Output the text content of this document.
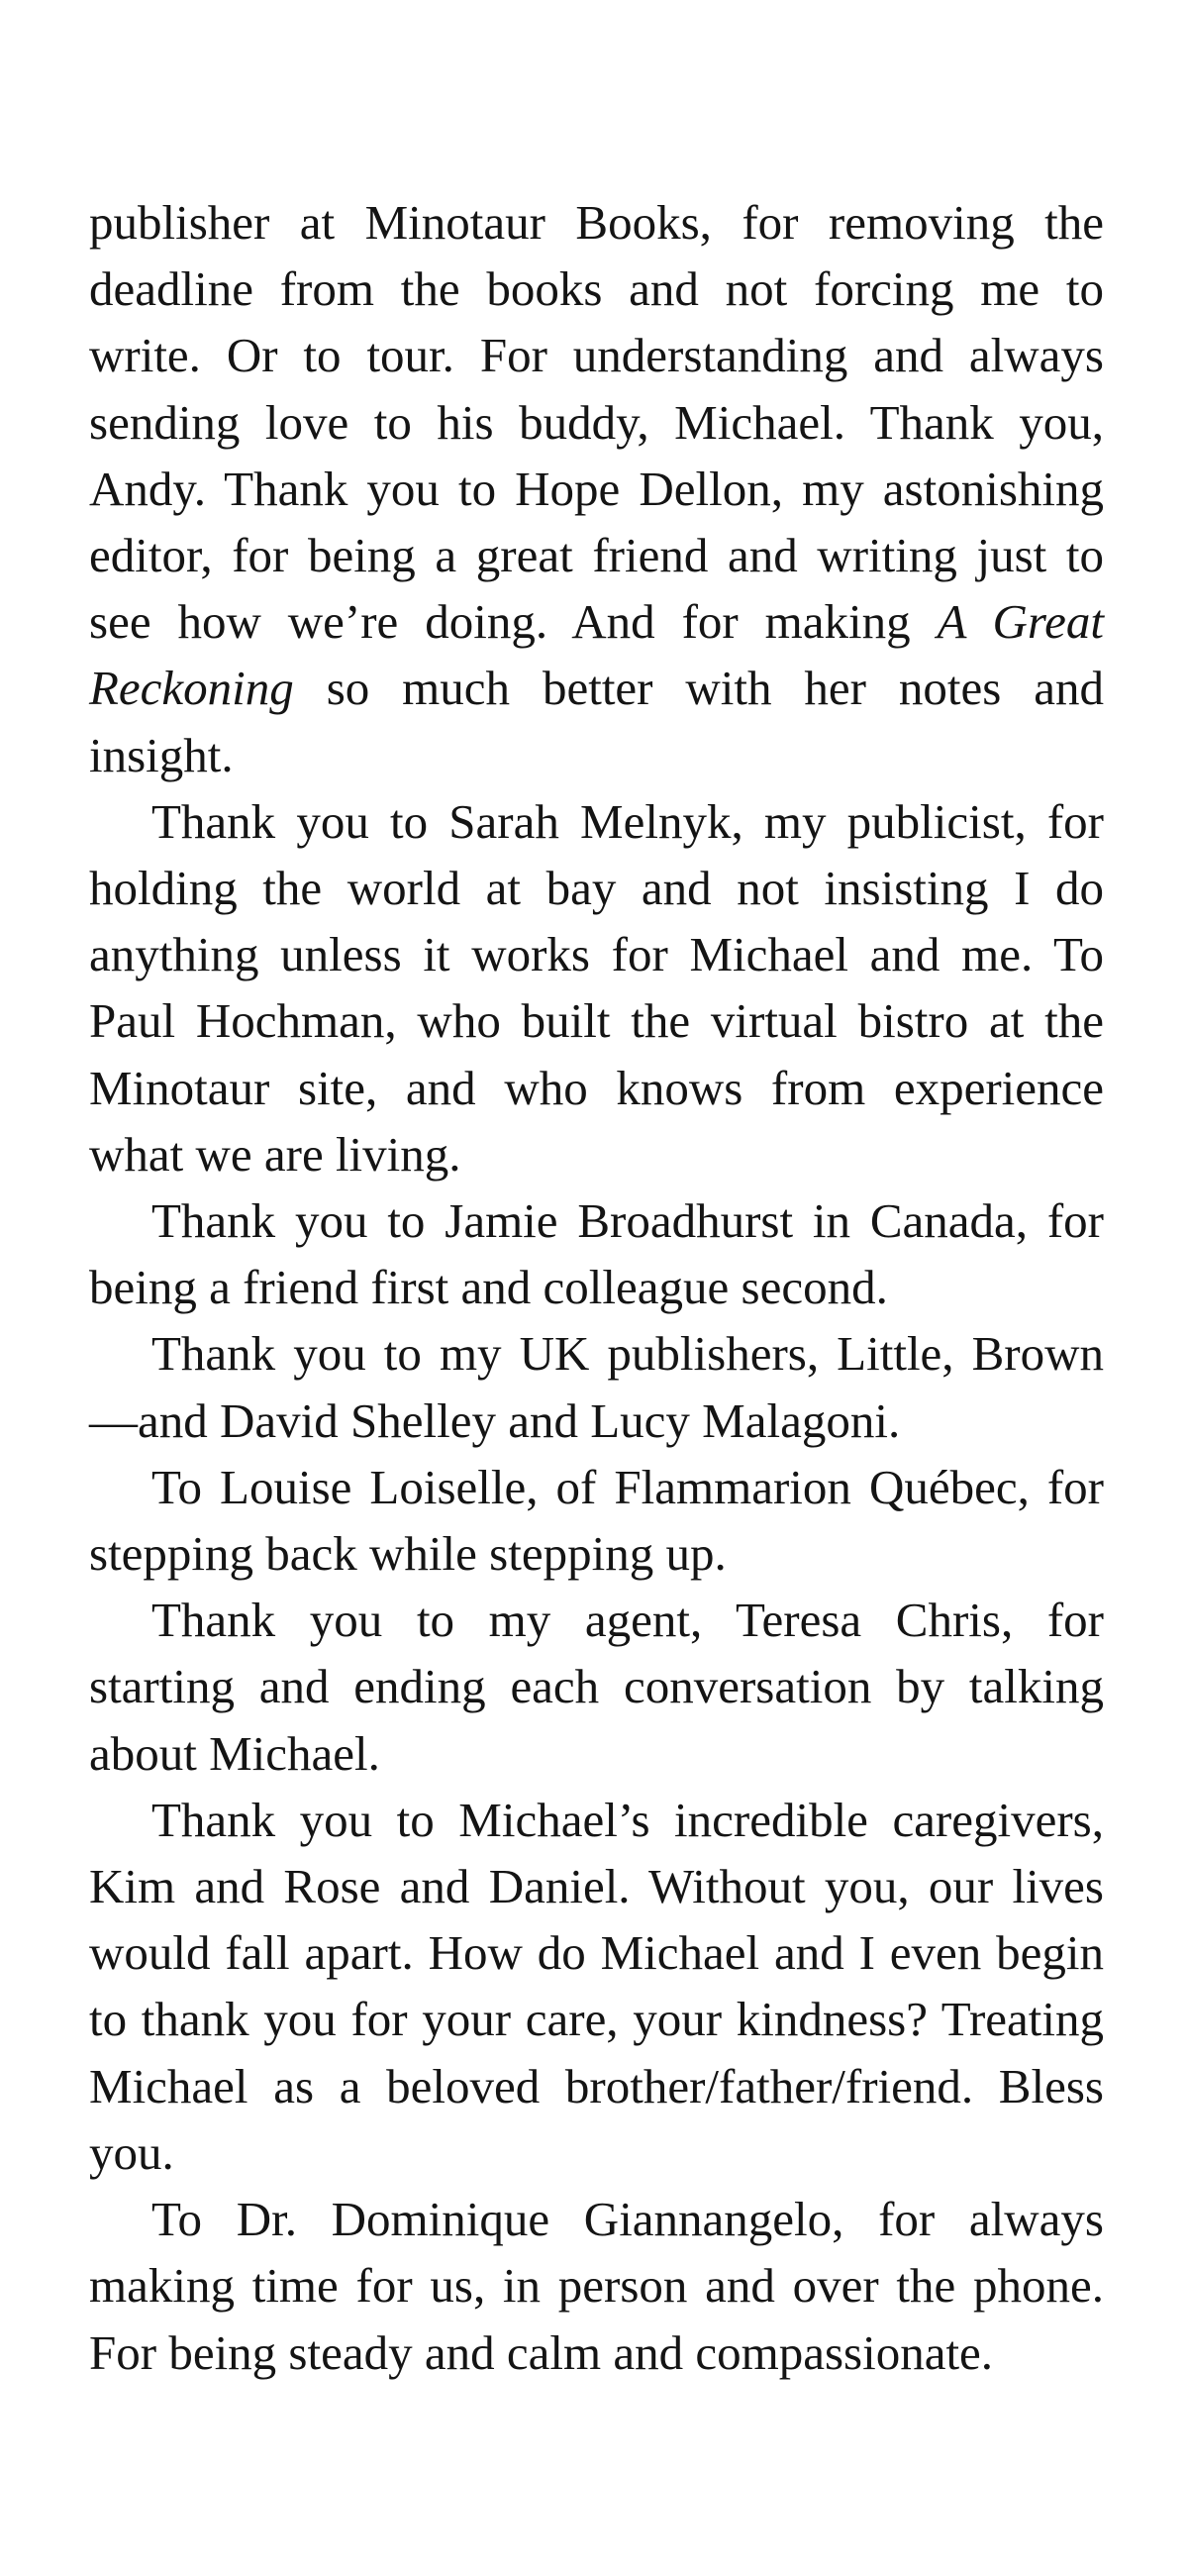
publisher at Minotaur Books, for removing the deadline from the books and not forcing me to write. Or to tour. For understanding and always sending love to his buddy, Michael. Thank you, Andy. Thank you to Hope Dellon, my astonishing editor, for being a great friend and writing just to see how we’re doing. And for making A Great Reckoning so much better with her notes and insight.

Thank you to Sarah Melnyk, my publicist, for holding the world at bay and not insisting I do anything unless it works for Michael and me. To Paul Hochman, who built the virtual bistro at the Minotaur site, and who knows from experience what we are living.

Thank you to Jamie Broadhurst in Canada, for being a friend first and colleague second.

Thank you to my UK publishers, Little, Brown —and David Shelley and Lucy Malagoni.

To Louise Loiselle, of Flammarion Québec, for stepping back while stepping up.

Thank you to my agent, Teresa Chris, for starting and ending each conversation by talking about Michael.

Thank you to Michael’s incredible caregivers, Kim and Rose and Daniel. Without you, our lives would fall apart. How do Michael and I even begin to thank you for your care, your kindness? Treating Michael as a beloved brother/father/friend. Bless you.

To Dr. Dominique Giannangelo, for always making time for us, in person and over the phone. For being steady and calm and compassionate.
